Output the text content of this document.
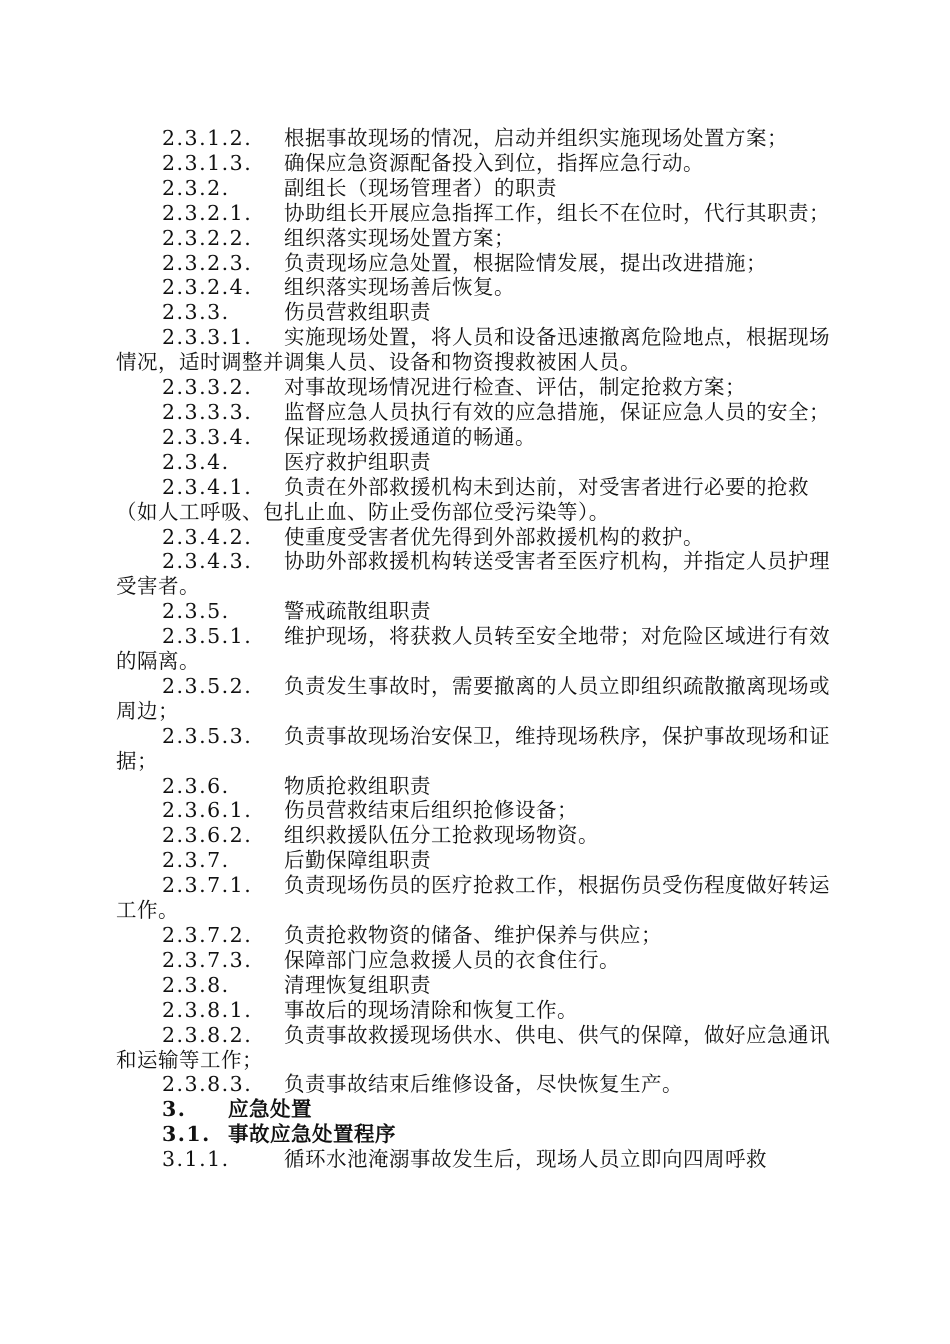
2.3.1.2. 根据事故现场的情况，启动并组织实施现场处置方案；
2.3.1.3. 确保应急资源配备投入到位，指挥应急行动。
2.3.2.	副组长（现场管理者）的职责
2.3.2.1. 协助组长开展应急指挥工作，组长不在位时，代行其职责；
2.3.2.2. 组织落实现场处置方案；
2.3.2.3. 负责现场应急处置，根据险情发展，提出改进措施；
2.3.2.4. 组织落实现场善后恢复。
2.3.3.	伤员营救组职责
2.3.3.1. 实施现场处置，将人员和设备迅速撤离危险地点，根据现场情况，适时调整并调集人员、设备和物资搜救被困人员。
2.3.3.2. 对事故现场情况进行检查、评估，制定抢救方案；
2.3.3.3. 监督应急人员执行有效的应急措施，保证应急人员的安全；
2.3.3.4. 保证现场救援通道的畅通。
2.3.4.	医疗救护组职责
2.3.4.1. 负责在外部救援机构未到达前，对受害者进行必要的抢救（如人工呼吸、包扎止血、防止受伤部位受污染等）。
2.3.4.2. 使重度受害者优先得到外部救援机构的救护。
2.3.4.3. 协助外部救援机构转送受害者至医疗机构，并指定人员护理受害者。
2.3.5.	警戒疏散组职责
2.3.5.1. 维护现场，将获救人员转至安全地带；对危险区域进行有效的隔离。
2.3.5.2. 负责发生事故时，需要撤离的人员立即组织疏散撤离现场或周边；
2.3.5.3. 负责事故现场治安保卫，维持现场秩序，保护事故现场和证据；
2.3.6.	物质抢救组职责
2.3.6.1. 伤员营救结束后组织抢修设备；
2.3.6.2. 组织救援队伍分工抢救现场物资。
2.3.7.	后勤保障组职责
2.3.7.1. 负责现场伤员的医疗抢救工作，根据伤员受伤程度做好转运工作。
2.3.7.2. 负责抢救物资的储备、维护保养与供应；
2.3.7.3. 保障部门应急救援人员的衣食住行。
2.3.8.	清理恢复组职责
2.3.8.1. 事故后的现场清除和恢复工作。
2.3.8.2. 负责事故救援现场供水、供电、供气的保障，做好应急通讯和运输等工作；
2.3.8.3. 负责事故结束后维修设备，尽快恢复生产。
3. 应急处置
3.1. 事故应急处置程序
3.1.1.	循环水池淹溺事故发生后，现场人员立即向四周呼救
